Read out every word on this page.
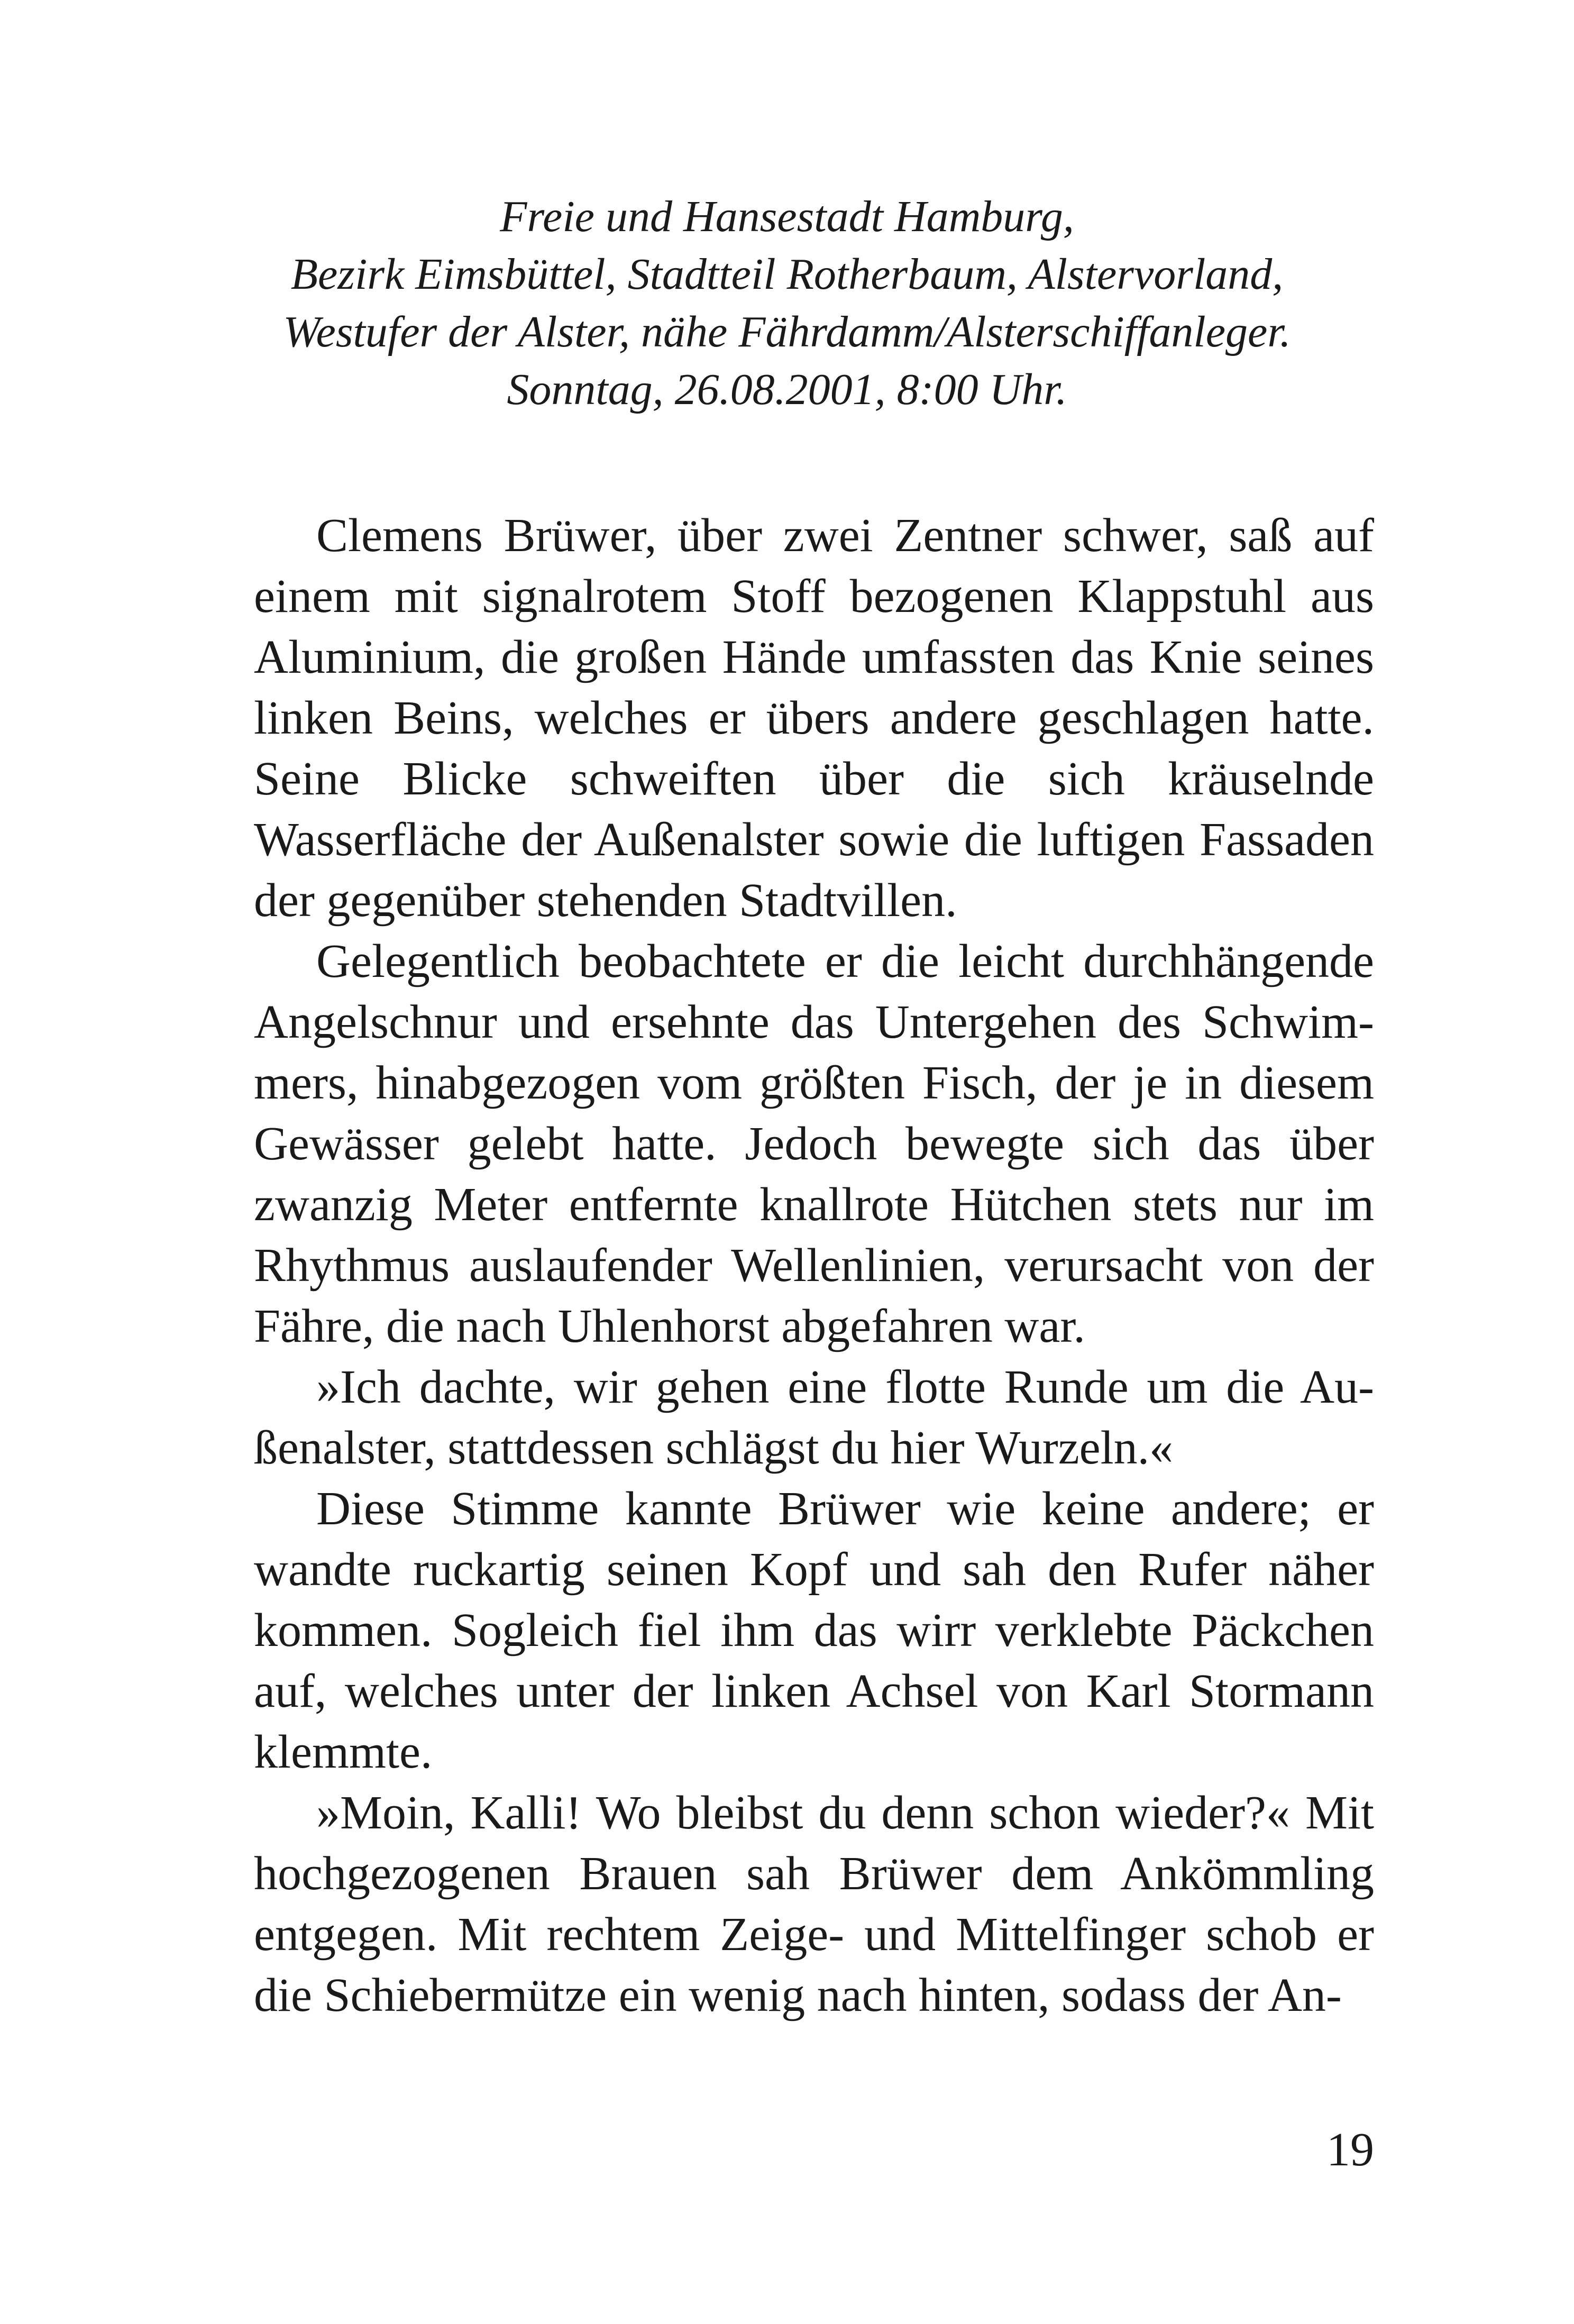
Freie und Hansestadt Hamburg,
Bezirk Eimsbüttel, Stadtteil Rotherbaum, Alstervorland,
Westufer der Alster, nähe Fährdamm/Alsterschiffanleger.
Sonntag, 26.08.2001, 8:00 Uhr.

Clemens Brüwer, über zwei Zentner schwer, saß auf einem mit signalrotem Stoff bezogenen Klappstuhl aus Aluminium, die großen Hände umfassten das Knie seines linken Beins, welches er übers andere geschlagen hatte. Seine Blicke schweiften über die sich kräuselnde Wasserfläche der Außenalster sowie die luftigen Fassaden der gegenüber stehenden Stadtvillen.

Gelegentlich beobachtete er die leicht durchhängende Angelschnur und ersehnte das Untergehen des Schwimmers, hinabgezogen vom größten Fisch, der je in diesem Gewässer gelebt hatte. Jedoch bewegte sich das über zwanzig Meter entfernte knallrote Hütchen stets nur im Rhythmus auslaufender Wellenlinien, verursacht von der Fähre, die nach Uhlenhorst abgefahren war.

»Ich dachte, wir gehen eine flotte Runde um die Außenalster, stattdessen schlägst du hier Wurzeln.«

Diese Stimme kannte Brüwer wie keine andere; er wandte ruckartig seinen Kopf und sah den Rufer näher kommen. Sogleich fiel ihm das wirr verklebte Päckchen auf, welches unter der linken Achsel von Karl Stormann klemmte.

»Moin, Kalli! Wo bleibst du denn schon wieder?« Mit hochgezogenen Brauen sah Brüwer dem Ankömmling entgegen. Mit rechtem Zeige- und Mittelfinger schob er die Schiebermütze ein wenig nach hinten, sodass der An-

19
